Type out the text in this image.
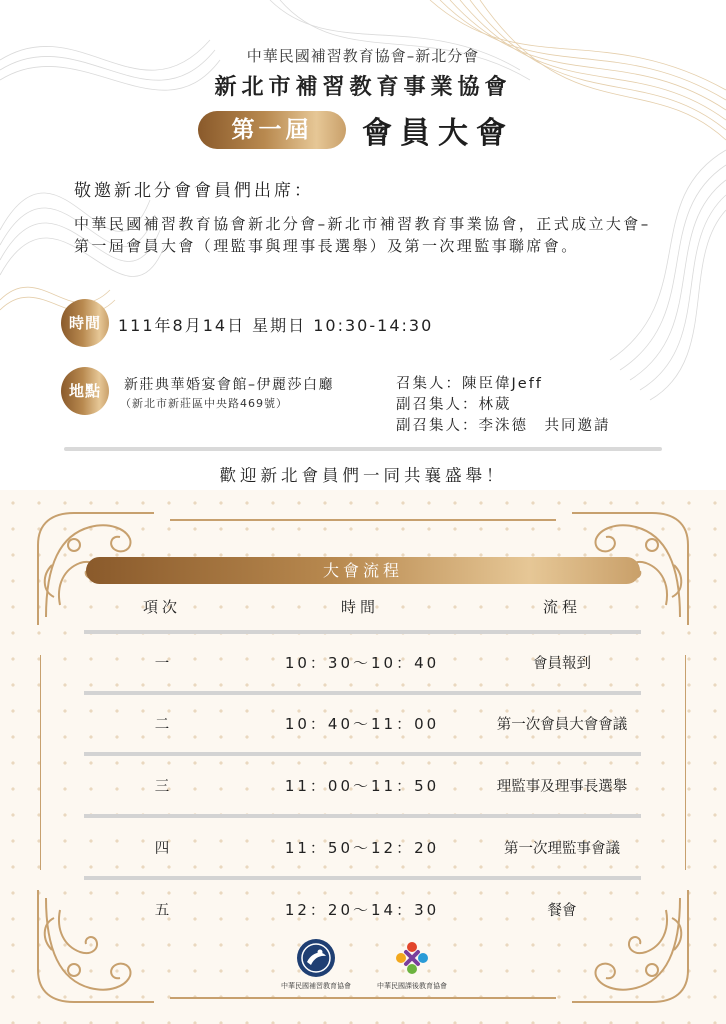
中華民國補習教育協會–新北分會
新北市補習教育事業協會
第一屆	會員大會
敬邀新北分會會員們出席：
中華民國補習教育協會新北分會–新北市補習教育事業協會，正式成立大會–第一屆會員大會（理監事與理事長選舉）及第一次理監事聯席會。
時間	111年8月14日 星期日 10:30-14:30
地點	新莊典華婚宴會館–伊麗莎白廳
（新北市新莊區中央路469號）
召集人：陳臣偉Jeff
副召集人：林葳
副召集人：李洙德　共同邀請
歡迎新北會員們一同共襄盛舉！
大會流程
項次	時間	流程
一	10：30～10：40	會員報到
二	10：40～11：00	第一次會員大會會議
三	11：00～11：50	理監事及理事長選舉
四	11：50～12：20	第一次理監事會議
五	12：20～14：30	餐會
中華民國補習教育協會	中華民國課後教育協會
